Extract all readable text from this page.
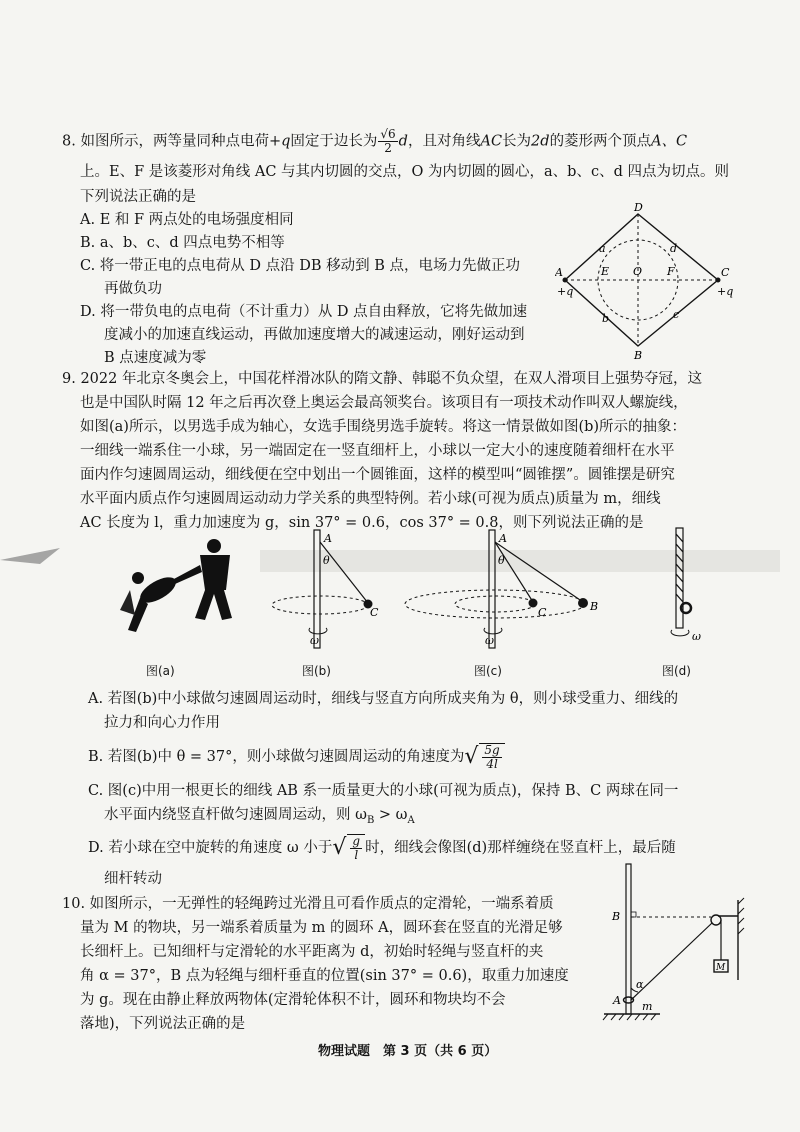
8. 如图所示，两等量同种点电荷+q固定于边长为 $\frac{√6}{2}$ d，且对角线AC长为2d的菱形两个顶点A、C
上。E、F 是该菱形对角线 AC 与其内切圆的交点，O 为内切圆的圆心，a、b、c、d 四点为切点。则
下列说法正确的是
A. E 和 F 两点处的电场强度相同
B. a、b、c、d 四点电势不相等
C. 将一带正电的点电荷从 D 点沿 DB 移动到 B 点，电场力先做正功
再做负功
D. 将一带负电的点电荷（不计重力）从 D 点自由释放，它将先做加速
度减小的加速直线运动，再做加速度增大的减速运动，刚好运动到
B 点速度减为零
D
B
A
+q
C
+q
E	F
O
a	d
b	c
9. 2022 年北京冬奥会上，中国花样滑冰队的隋文静、韩聪不负众望，在双人滑项目上强势夺冠，这
也是中国队时隔 12 年之后再次登上奥运会最高领奖台。该项目有一项技术动作叫双人螺旋线，
如图(a)所示，以男选手成为轴心，女选手围绕男选手旋转。将这一情景做如图(b)所示的抽象：
一细线一端系住一小球，另一端固定在一竖直细杆上，小球以一定大小的速度随着细杆在水平
面内作匀速圆周运动，细线便在空中划出一个圆锥面，这样的模型叫“圆锥摆”。圆锥摆是研究
水平面内质点作匀速圆周运动动力学关系的典型特例。若小球(可视为质点)质量为 m，细线
AC 长度为 l，重力加速度为 g，sin 37° = 0.6，cos 37° = 0.8，则下列说法正确的是
A
θ
C
ω
A
θ
C	B
ω	ω
图(a)	图(b)	图(c)	图(d)
A. 若图(b)中小球做匀速圆周运动时，细线与竖直方向所成夹角为 θ，则小球受重力、细线的
拉力和向心力作用
B. 若图(b)中 θ = 37°，则小球做匀速圆周运动的角速度为√ $\frac{5g}{4l}$
C. 图(c)中用一根更长的细线 AB 系一质量更大的小球(可视为质点)，保持 B、C 两球在同一
水平面内绕竖直杆做匀速圆周运动，则 $\omega_B > \omega_A$
D. 若小球在空中旋转的角速度 ω 小于√ $\frac{g}{l}$ 时，细线会像图(d)那样缠绕在竖直杆上，最后随
细杆转动
10. 如图所示，一无弹性的轻绳跨过光滑且可看作质点的定滑轮，一端系着质
量为 M 的物块，另一端系着质量为 m 的圆环 A，圆环套在竖直的光滑足够
长细杆上。已知细杆与定滑轮的水平距离为 d，初始时轻绳与竖直杆的夹
角 α = 37°，B 点为轻绳与细杆垂直的位置(sin 37° = 0.6)，取重力加速度
为 g。现在由静止释放两物体(定滑轮体积不计，圆环和物块均不会
落地)，下列说法正确的是
B
A
α
m
M
物理试题　第 3 页（共 6 页）
